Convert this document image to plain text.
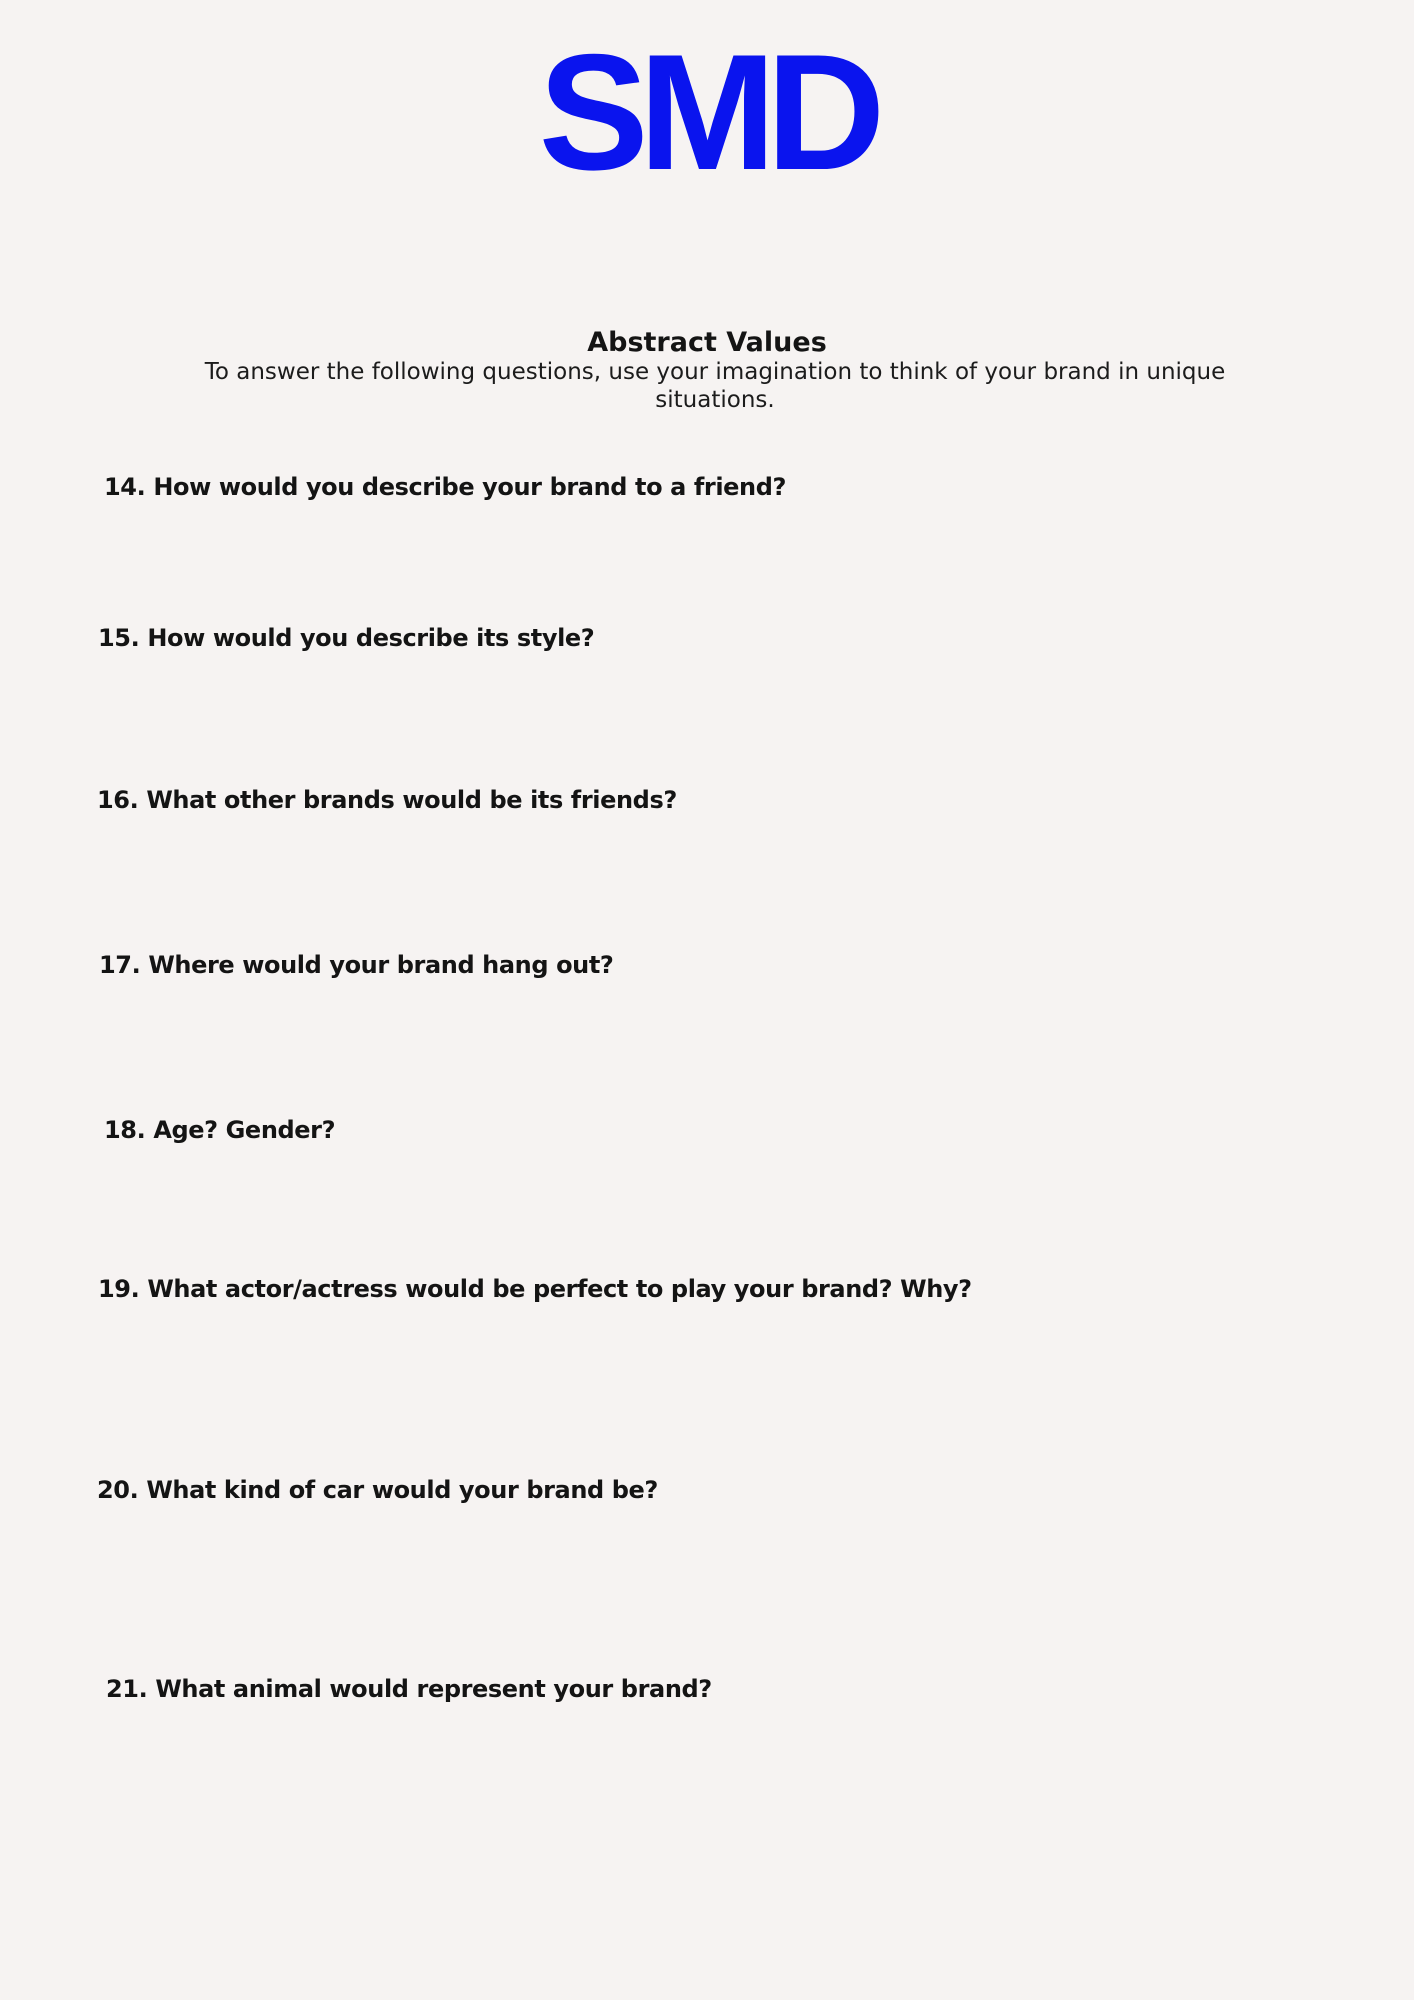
SMD
Abstract Values
To answer the following questions, use your imagination to think of your brand in unique situations.

14. How would you describe your brand to a friend?

15. How would you describe its style?

16. What other brands would be its friends?

17. Where would your brand hang out?

18. Age? Gender?

19. What actor/actress would be perfect to play your brand? Why?

20. What kind of car would your brand be?

21. What animal would represent your brand?
